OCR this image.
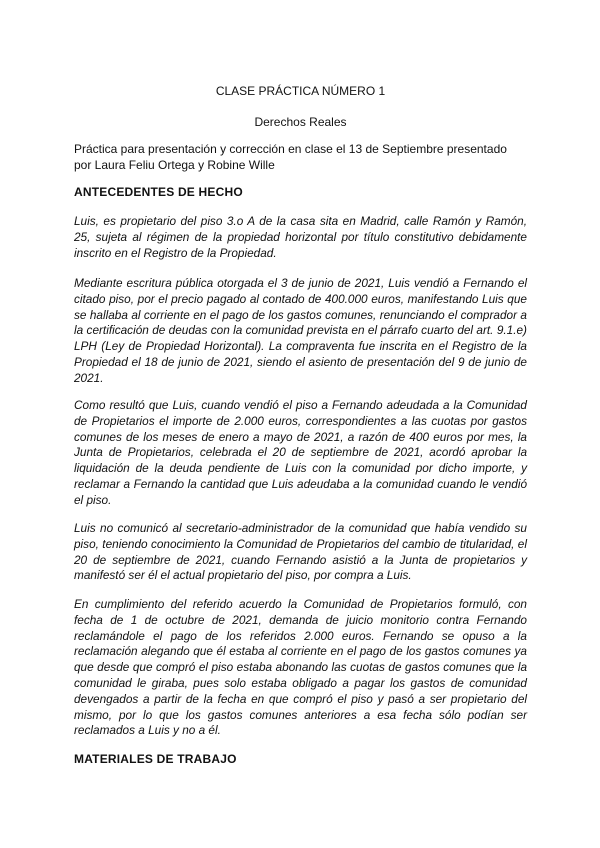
CLASE PRÁCTICA NÚMERO 1
Derechos Reales
Práctica para presentación y corrección en clase el 13 de Septiembre presentado por Laura Feliu Ortega y Robine Wille
ANTECEDENTES DE HECHO
Luis, es propietario del piso 3.o A de la casa sita en Madrid, calle Ramón y Ramón, 25, sujeta al régimen de la propiedad horizontal por título constitutivo debidamente inscrito en el Registro de la Propiedad.
Mediante escritura pública otorgada el 3 de junio de 2021, Luis vendió a Fernando el citado piso, por el precio pagado al contado de 400.000 euros, manifestando Luis que se hallaba al corriente en el pago de los gastos comunes, renunciando el comprador a la certificación de deudas con la comunidad prevista en el párrafo cuarto del art. 9.1.e) LPH (Ley de Propiedad Horizontal). La compraventa fue inscrita en el Registro de la Propiedad el 18 de junio de 2021, siendo el asiento de presentación del 9 de junio de 2021.
Como resultó que Luis, cuando vendió el piso a Fernando adeudada a la Comunidad de Propietarios el importe de 2.000 euros, correspondientes a las cuotas por gastos comunes de los meses de enero a mayo de 2021, a razón de 400 euros por mes, la Junta de Propietarios, celebrada el 20 de septiembre de 2021, acordó aprobar la liquidación de la deuda pendiente de Luis con la comunidad por dicho importe, y reclamar a Fernando la cantidad que Luis adeudaba a la comunidad cuando le vendió el piso.
Luis no comunicó al secretario-administrador de la comunidad que había vendido su piso, teniendo conocimiento la Comunidad de Propietarios del cambio de titularidad, el 20 de septiembre de 2021, cuando Fernando asistió a la Junta de propietarios y manifestó ser él el actual propietario del piso, por compra a Luis.
En cumplimiento del referido acuerdo la Comunidad de Propietarios formuló, con fecha de 1 de octubre de 2021, demanda de juicio monitorio contra Fernando reclamándole el pago de los referidos 2.000 euros. Fernando se opuso a la reclamación alegando que él estaba al corriente en el pago de los gastos comunes ya que desde que compró el piso estaba abonando las cuotas de gastos comunes que la comunidad le giraba, pues solo estaba obligado a pagar los gastos de comunidad devengados a partir de la fecha en que compró el piso y pasó a ser propietario del mismo, por lo que los gastos comunes anteriores a esa fecha sólo podían ser reclamados a Luis y no a él.
MATERIALES DE TRABAJO
